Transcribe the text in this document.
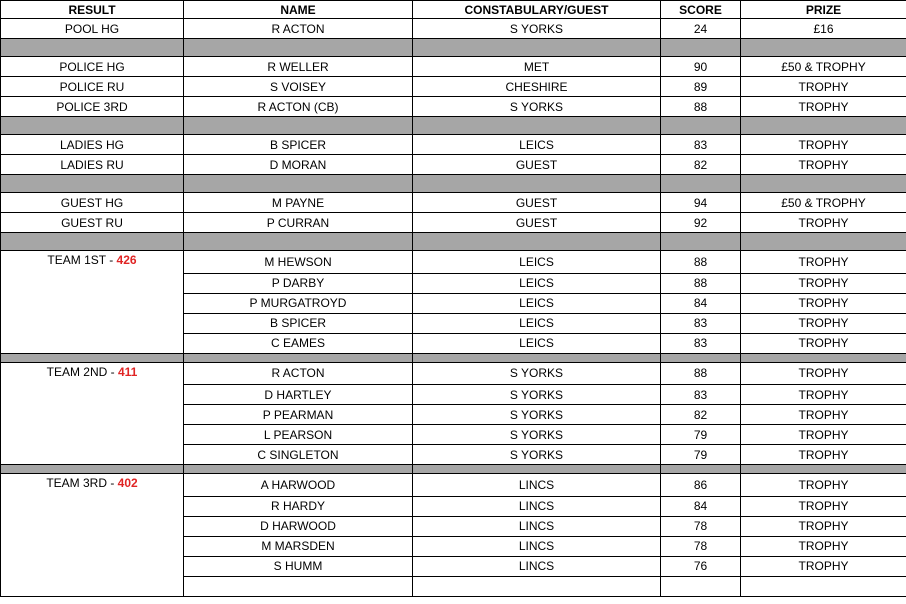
RESULT	NAME	CONSTABULARY/GUEST	SCORE	PRIZE
POOL HG	R ACTON	S YORKS	24	£16

POLICE HG	R WELLER	MET	90	£50 & TROPHY
POLICE RU	S VOISEY	CHESHIRE	89	TROPHY
POLICE 3RD	R ACTON (CB)	S YORKS	88	TROPHY

LADIES HG	B SPICER	LEICS	83	TROPHY
LADIES RU	D MORAN	GUEST	82	TROPHY

GUEST HG	M PAYNE	GUEST	94	£50 & TROPHY
GUEST RU	P CURRAN	GUEST	92	TROPHY

TEAM 1ST - 426	M HEWSON	LEICS	88	TROPHY
	P DARBY	LEICS	88	TROPHY
	P MURGATROYD	LEICS	84	TROPHY
	B SPICER	LEICS	83	TROPHY
	C EAMES	LEICS	83	TROPHY

TEAM 2ND - 411	R ACTON	S YORKS	88	TROPHY
	D HARTLEY	S YORKS	83	TROPHY
	P PEARMAN	S YORKS	82	TROPHY
	L PEARSON	S YORKS	79	TROPHY
	C SINGLETON	S YORKS	79	TROPHY

TEAM 3RD - 402	A HARWOOD	LINCS	86	TROPHY
	R HARDY	LINCS	84	TROPHY
	D HARWOOD	LINCS	78	TROPHY
	M MARSDEN	LINCS	78	TROPHY
	S HUMM	LINCS	76	TROPHY
